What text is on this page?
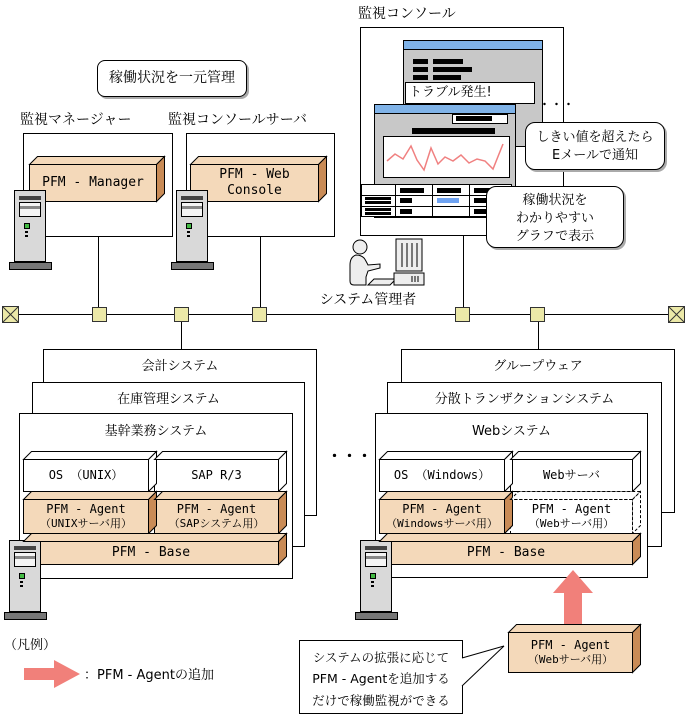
稼働状況を一元管理
監視マネージャー	監視コンソールサーバ
PFM - Manager
PFM - Web
Console
監視コンソール
トラブル発生!
・・・
しきい値を超えたら
Eメールで通知
稼働状況を
わかりやすい
グラフで表示
システム管理者
会計システム
在庫管理システム
基幹業務システム
OS （UNIX）	SAP R/3
PFM - Agent
（UNIXサーバ用）
PFM - Agent
（SAPシステム用）
PFM - Base
・・・
グループウェア
分散トランザクションシステム
Webシステム
OS （Windows）	Webサーバ
PFM - Agent
（Windowsサーバ用）
PFM - Agent
（Webサーバ用）
PFM - Base
PFM - Agent
（Webサーバ用）
システムの拡張に応じて
PFM - Agentを追加する
だけで稼働監視ができる
（凡例）
：PFM - Agentの追加
